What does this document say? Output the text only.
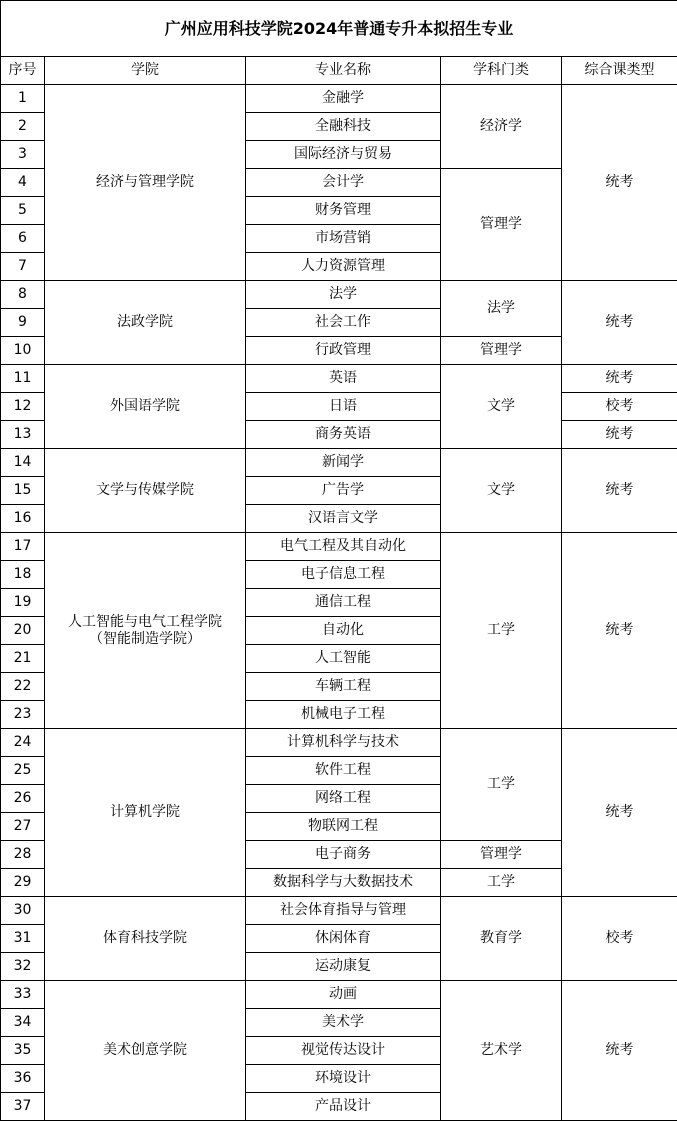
广州应用科技学院2024年普通专升本拟招生专业				
序号	学院	专业名称	学科门类	综合课类型
1	经济与管理学院	金融学	经济学	统考
2		全融科技		
3		国际经济与贸易		
4		会计学	管理学	
5		财务管理		
6		市场营销		
7		人力资源管理		
8	法政学院	法学	法学	统考
9		社会工作		
10		行政管理	管理学	
11	外国语学院	英语	文学	统考
12		日语		校考
13		商务英语		统考
14	文学与传媒学院	新闻学	文学	统考
15		广告学		
16		汉语言文学		
17	人工智能与电气工程学院
（智能制造学院）	电气工程及其自动化	工学	统考
18		电子信息工程		
19		通信工程		
20		自动化		
21		人工智能		
22		车辆工程		
23		机械电子工程		
24	计算机学院	计算机科学与技术	工学	统考
25		软件工程		
26		网络工程		
27		物联网工程		
28		电子商务	管理学	
29		数据科学与大数据技术	工学	
30	体育科技学院	社会体育指导与管理	教育学	校考
31		休闲体育		
32		运动康复		
33	美术创意学院	动画	艺术学	统考
34		美术学		
35		视觉传达设计		
36		环境设计		
37		产品设计		
